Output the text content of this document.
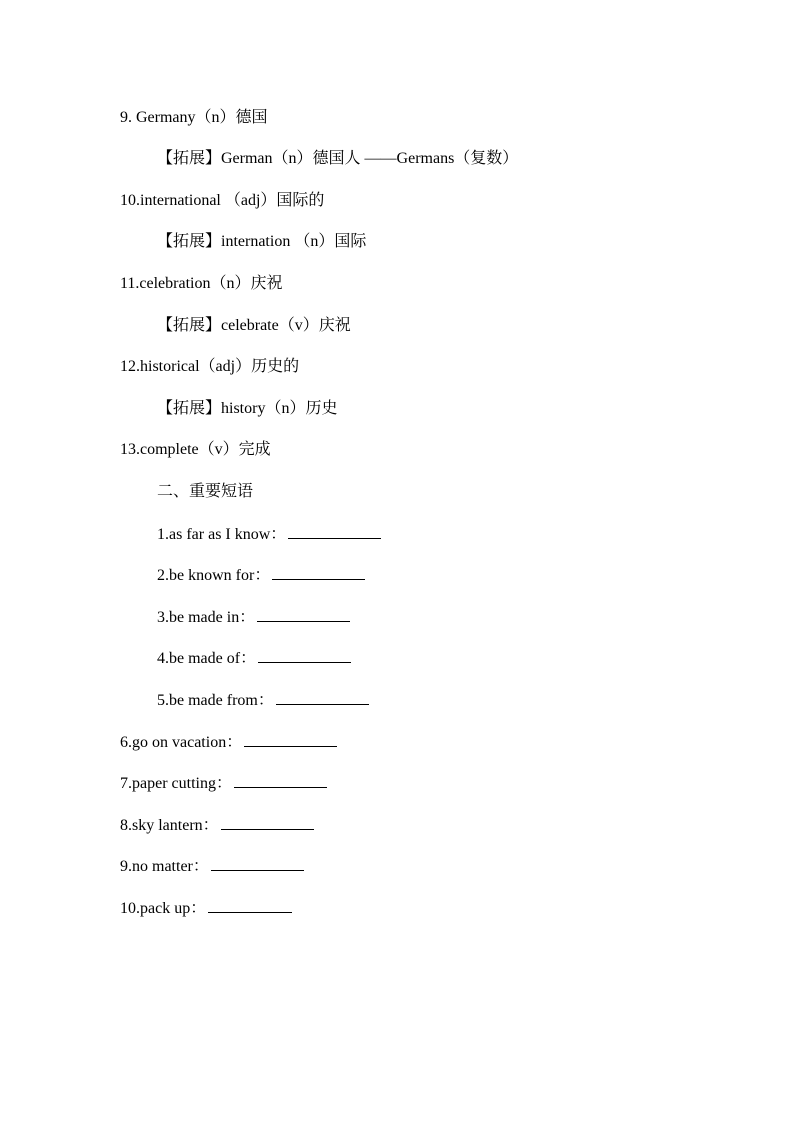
9. Germany（n）德国
【拓展】German（n）德国人 ——Germans（复数）
10.international （adj）国际的
【拓展】internation （n）国际
11.celebration（n）庆祝
【拓展】celebrate（v）庆祝
12.historical（adj）历史的
【拓展】history（n）历史
13.complete（v）完成
二、重要短语
1.as far as I know：
2.be known for：
3.be made in：
4.be made of：
5.be made from：
6.go on vacation：
7.paper cutting：
8.sky lantern：
9.no matter：
10.pack up：
